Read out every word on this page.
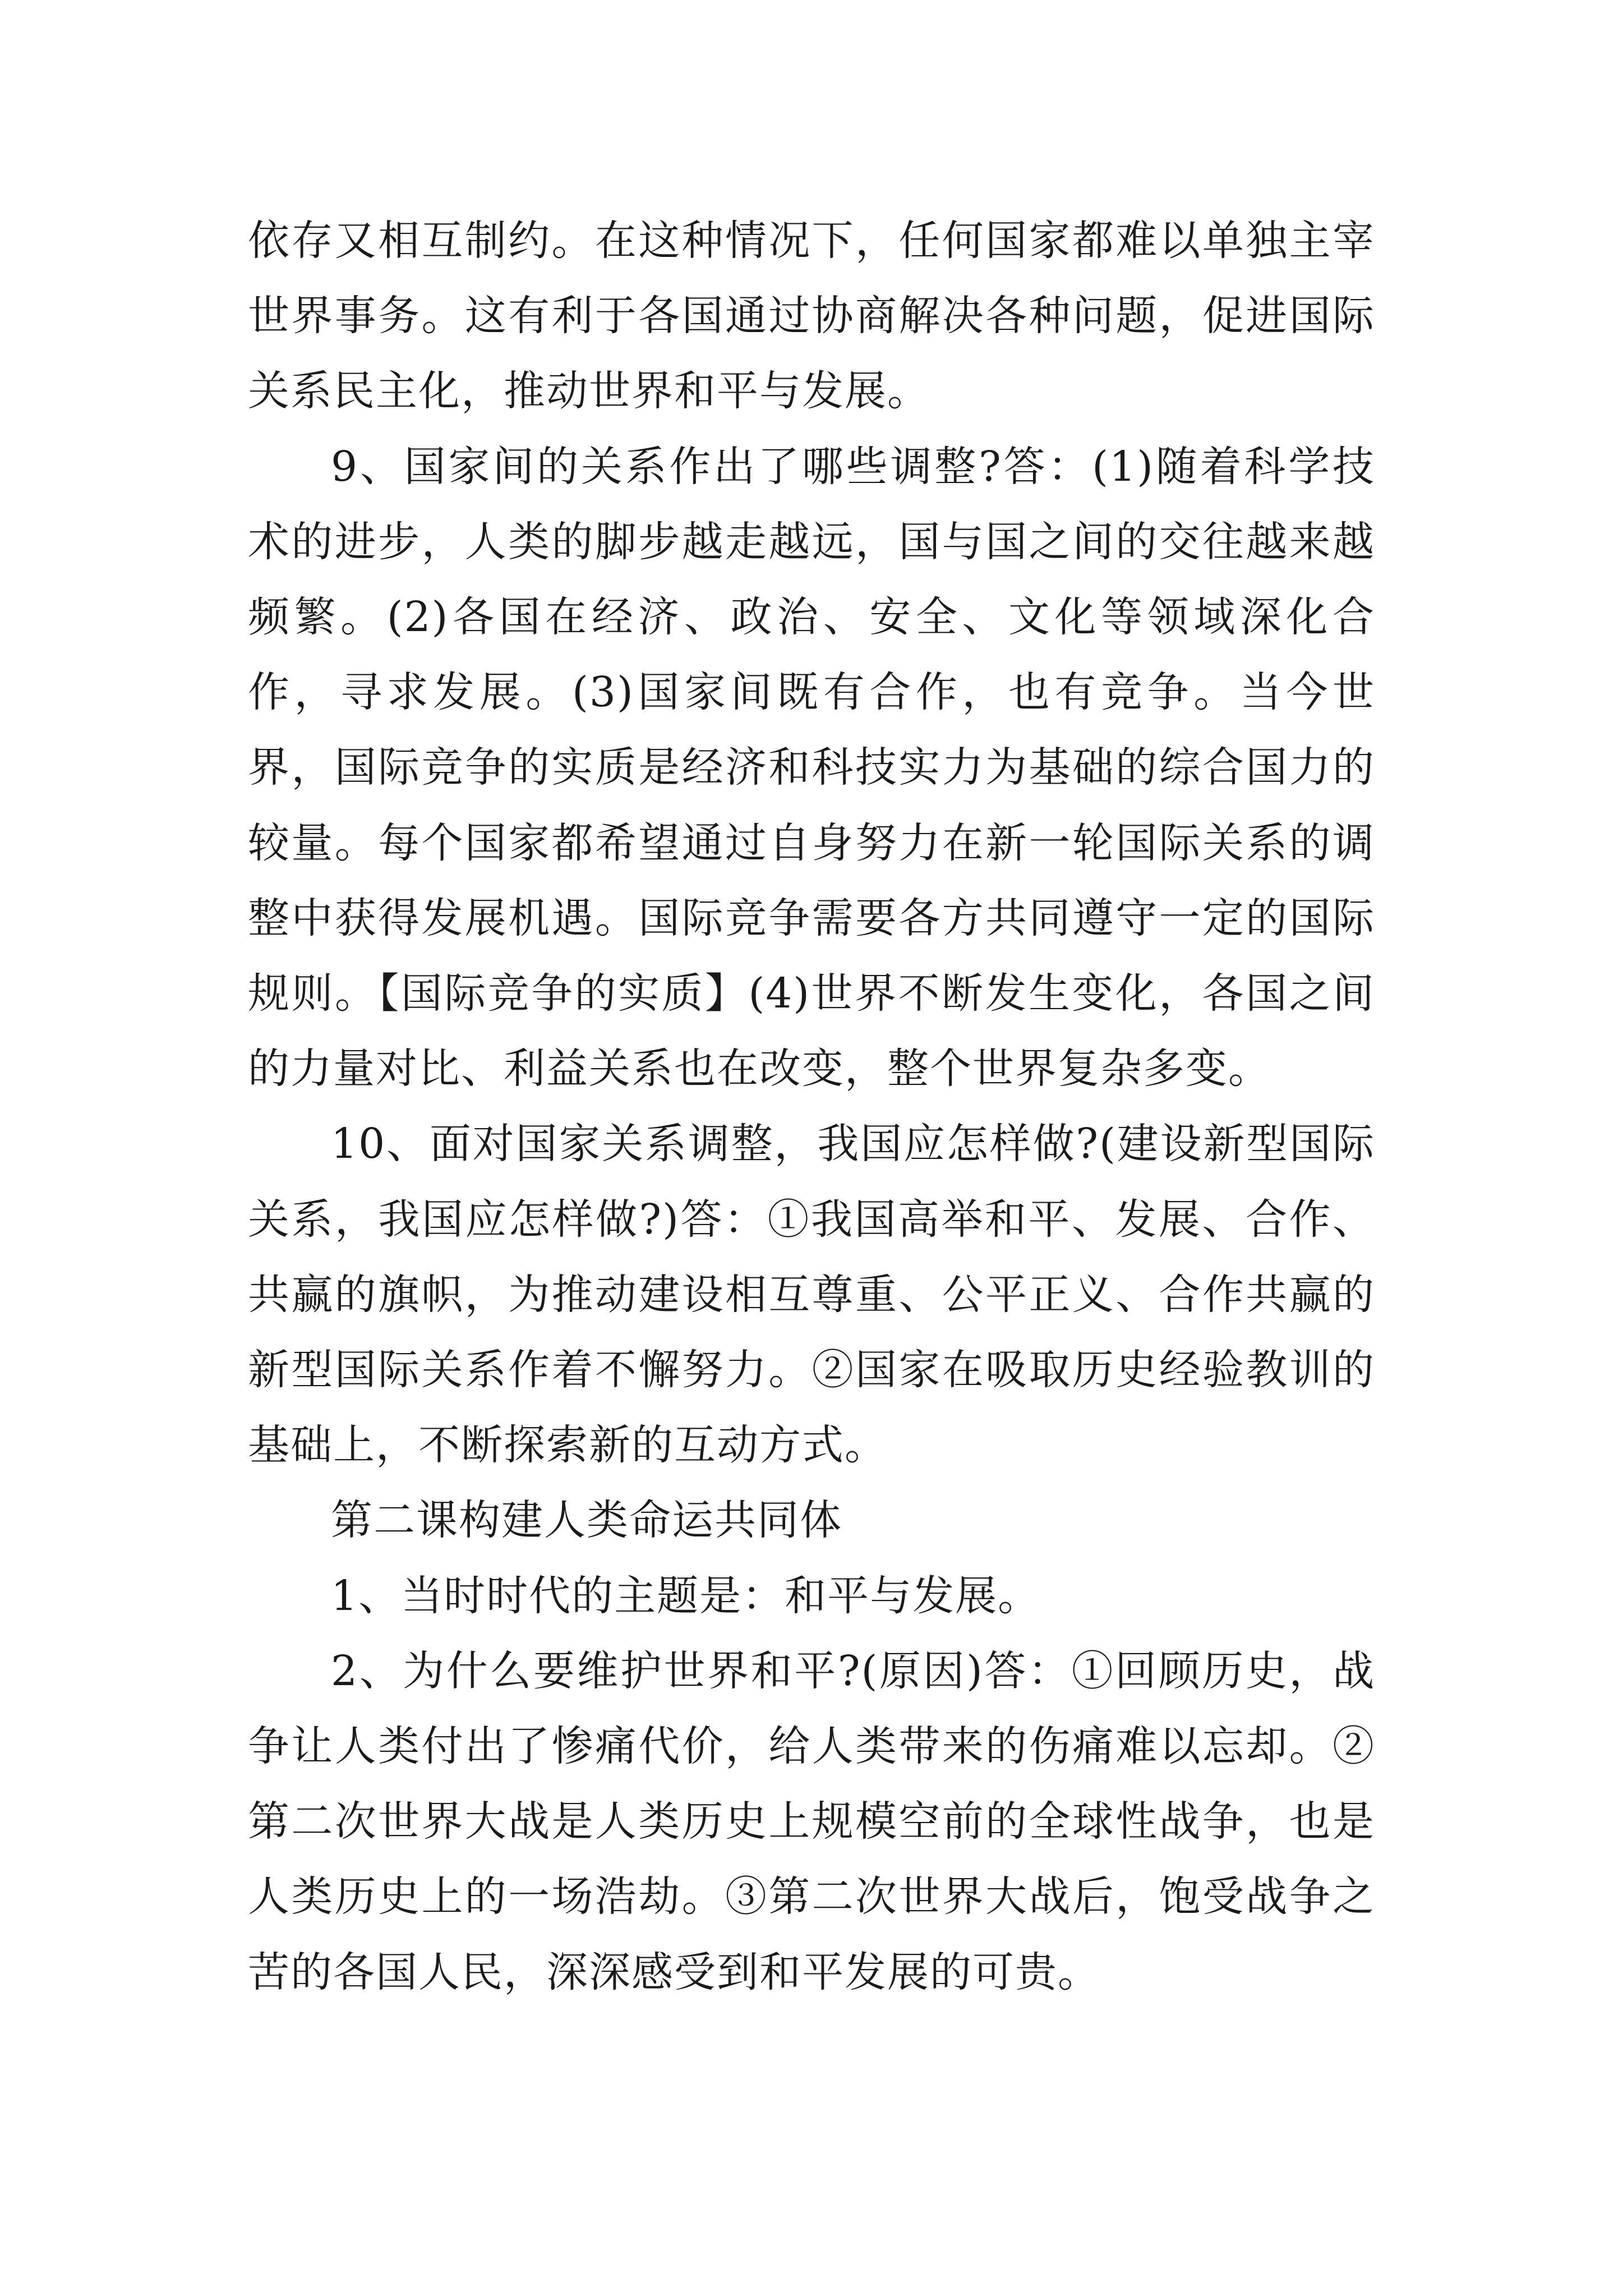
依存又相互制约。在这种情况下，任何国家都难以单独主宰世界事务。这有利于各国通过协商解决各种问题，促进国际关系民主化，推动世界和平与发展。

9、国家间的关系作出了哪些调整?答：(1)随着科学技术的进步，人类的脚步越走越远，国与国之间的交往越来越频繁。(2)各国在经济、政治、安全、文化等领域深化合作，寻求发展。(3)国家间既有合作，也有竞争。当今世界，国际竞争的实质是经济和科技实力为基础的综合国力的较量。每个国家都希望通过自身努力在新一轮国际关系的调整中获得发展机遇。国际竞争需要各方共同遵守一定的国际规则。【国际竞争的实质】(4)世界不断发生变化，各国之间的力量对比、利益关系也在改变，整个世界复杂多变。

10、面对国家关系调整，我国应怎样做?(建设新型国际关系，我国应怎样做?)答：①我国高举和平、发展、合作、共赢的旗帜，为推动建设相互尊重、公平正义、合作共赢的新型国际关系作着不懈努力。②国家在吸取历史经验教训的基础上，不断探索新的互动方式。

第二课构建人类命运共同体

1、当时时代的主题是：和平与发展。

2、为什么要维护世界和平?(原因)答：①回顾历史，战争让人类付出了惨痛代价，给人类带来的伤痛难以忘却。②第二次世界大战是人类历史上规模空前的全球性战争，也是人类历史上的一场浩劫。③第二次世界大战后，饱受战争之苦的各国人民，深深感受到和平发展的可贵。
